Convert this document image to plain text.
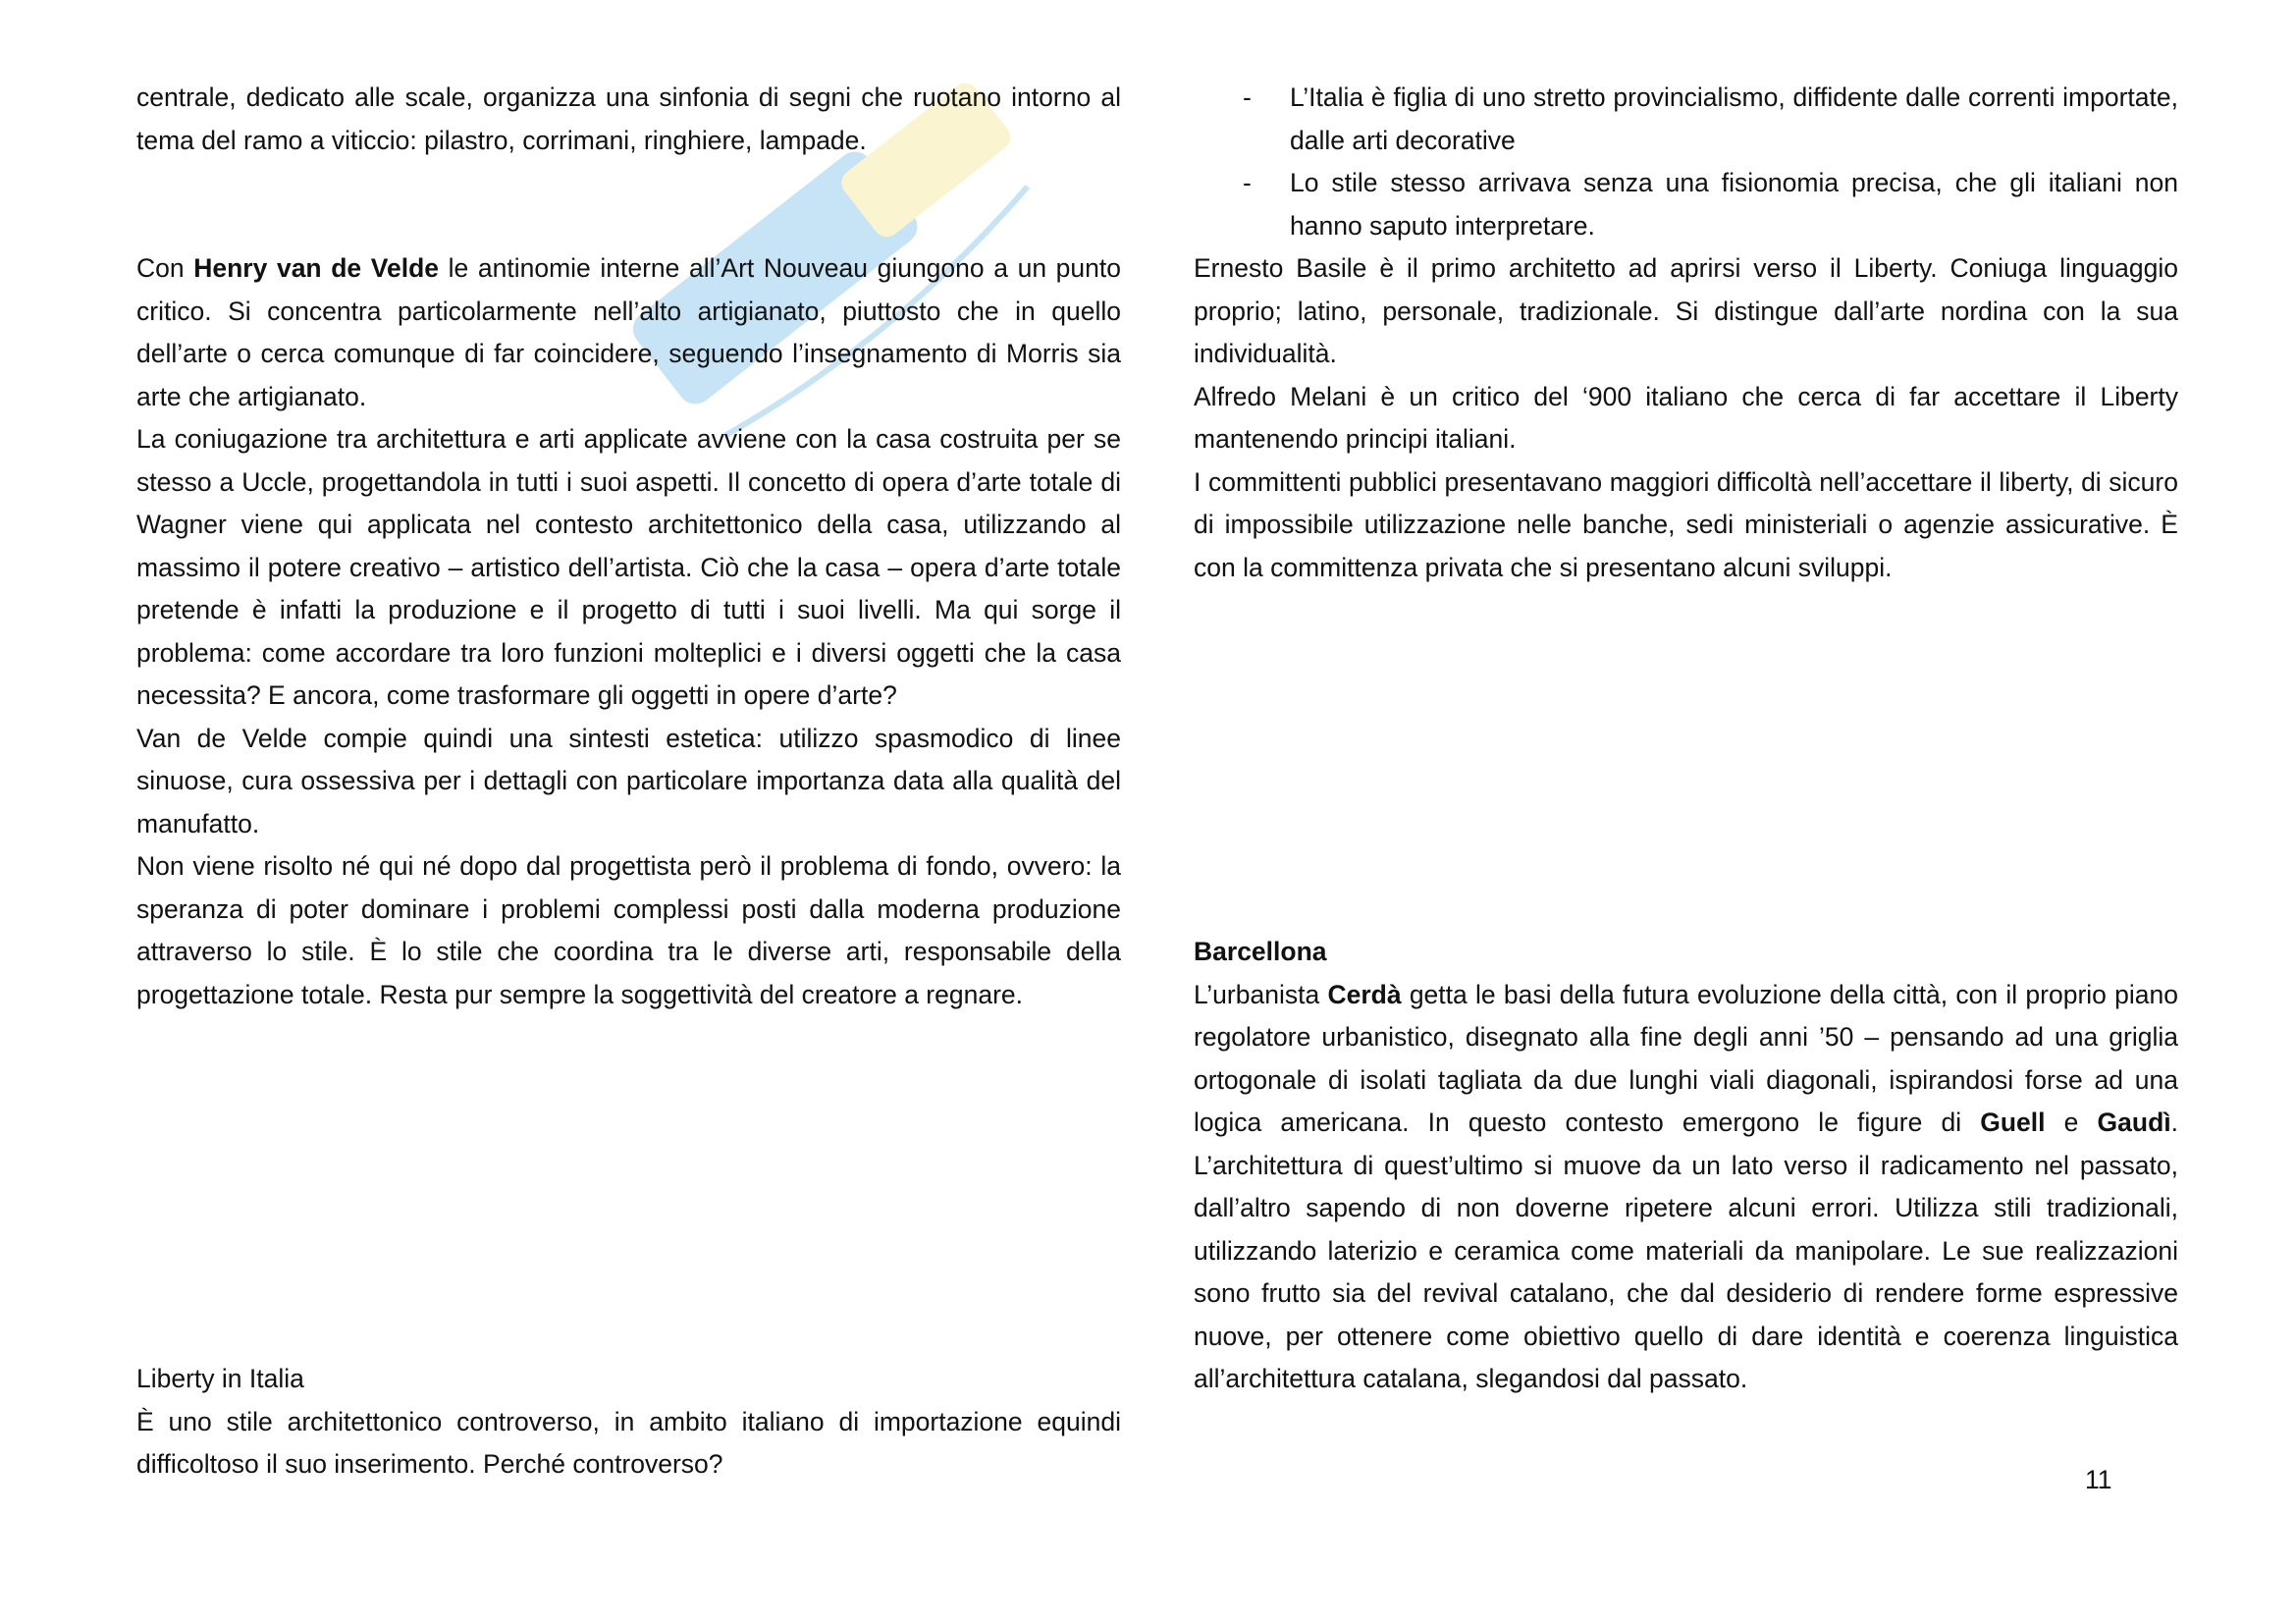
centrale, dedicato alle scale, organizza una sinfonia di segni che ruotano intorno al tema del ramo a viticcio: pilastro, corrimani, ringhiere, lampade.

Con Henry van de Velde le antinomie interne all’Art Nouveau giungono a un punto critico. Si concentra particolarmente nell’alto artigianato, piuttosto che in quello dell’arte o cerca comunque di far coincidere, seguendo l’insegnamento di Morris sia arte che artigianato.

La coniugazione tra architettura e arti applicate avviene con la casa costruita per se stesso a Uccle, progettandola in tutti i suoi aspetti. Il concetto di opera d’arte totale di Wagner viene qui applicata nel contesto architettonico della casa, utilizzando al massimo il potere creativo – artistico dell’artista. Ciò che la casa – opera d’arte totale pretende è infatti la produzione e il progetto di tutti i suoi livelli. Ma qui sorge il problema: come accordare tra loro funzioni molteplici e i diversi oggetti che la casa necessita? E ancora, come trasformare gli oggetti in opere d’arte?

Van de Velde compie quindi una sintesti estetica: utilizzo spasmodico di linee sinuose, cura ossessiva per i dettagli con particolare importanza data alla qualità del manufatto.

Non viene risolto né qui né dopo dal progettista però il problema di fondo, ovvero: la speranza di poter dominare i problemi complessi posti dalla moderna produzione attraverso lo stile. È lo stile che coordina tra le diverse arti, responsabile della progettazione totale. Resta pur sempre la soggettività del creatore a regnare.

Liberty in Italia

È uno stile architettonico controverso, in ambito italiano di importazione equindi difficoltoso il suo inserimento. Perché controverso?

- L’Italia è figlia di uno stretto provincialismo, diffidente dalle correnti importate, dalle arti decorative
- Lo stile stesso arrivava senza una fisionomia precisa, che gli italiani non hanno saputo interpretare.

Ernesto Basile è il primo architetto ad aprirsi verso il Liberty. Coniuga linguaggio proprio; latino, personale, tradizionale. Si distingue dall’arte nordina con la sua individualità.

Alfredo Melani è un critico del ‘900 italiano che cerca di far accettare il Liberty mantenendo principi italiani.

I committenti pubblici presentavano maggiori difficoltà nell’accettare il liberty, di sicuro di impossibile utilizzazione nelle banche, sedi ministeriali o agenzie assicurative. È con la committenza privata che si presentano alcuni sviluppi.

Barcellona

L’urbanista Cerdà getta le basi della futura evoluzione della città, con il proprio piano regolatore urbanistico, disegnato alla fine degli anni ’50 – pensando ad una griglia ortogonale di isolati tagliata da due lunghi viali diagonali, ispirandosi forse ad una logica americana. In questo contesto emergono le figure di Guell e Gaudì. L’architettura di quest’ultimo si muove da un lato verso il radicamento nel passato, dall’altro sapendo di non doverne ripetere alcuni errori. Utilizza stili tradizionali, utilizzando laterizio e ceramica come materiali da manipolare. Le sue realizzazioni sono frutto sia del revival catalano, che dal desiderio di rendere forme espressive nuove, per ottenere come obiettivo quello di dare identità e coerenza linguistica all’architettura catalana, slegandosi dal passato.

11
